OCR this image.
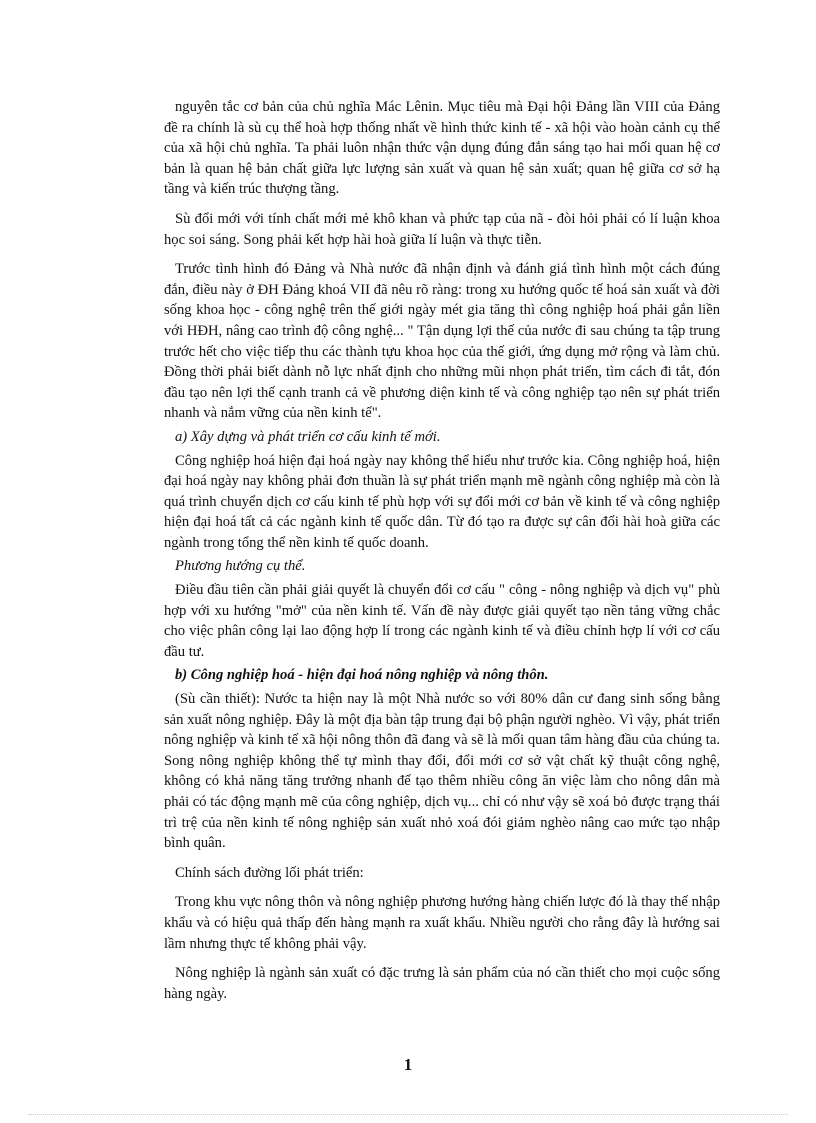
nguyên tắc cơ bản của chủ nghĩa Mác Lênin. Mục tiêu mà Đại hội Đảng lần VIII của Đảng đề ra chính là sù cụ thể hoà hợp thống nhất về hình thức kinh tế - xã hội vào hoàn cảnh cụ thể của xã hội chủ nghĩa. Ta phải luôn nhận thức vận dụng đúng đắn sáng tạo hai mối quan hệ cơ bản là quan hệ bản chất giữa lực lượng sản xuất và quan hệ sản xuất; quan hệ giữa cơ sở hạ tầng và kiến trúc thượng tầng.

Sù đổi mới với tính chất mới mẻ khô khan và phức tạp của nã - đòi hỏi phải có lí luận khoa học soi sáng. Song phải kết hợp hài hoà giữa lí luận và thực tiễn.

Trước tình hình đó Đảng và Nhà nước đã nhận định và đánh giá tình hình một cách đúng đắn, điều này ở ĐH Đảng khoá VII đã nêu rõ ràng: trong xu hướng quốc tế hoá sản xuất và đời sống khoa học - công nghệ trên thế giới ngày mét gia tăng thì công nghiệp hoá phải gắn liền với HĐH, nâng cao trình độ công nghệ... " Tận dụng lợi thế của nước đi sau chúng ta tập trung trước hết cho việc tiếp thu các thành tựu khoa học của thế giới, ứng dụng mở rộng và làm chủ. Đồng thời phải biết dành nỗ lực nhất định cho những mũi nhọn phát triển, tìm cách đi tắt, đón đầu tạo nên lợi thế cạnh tranh cả về phương diện kinh tế và công nghiệp tạo nên sự phát triển nhanh và nắm vững của nền kinh tế".

a) Xây dựng và phát triển cơ cấu kinh tế mới.

Công nghiệp hoá hiện đại hoá ngày nay không thể hiểu như trước kia. Công nghiệp hoá, hiện đại hoá ngày nay không phải đơn thuần là sự phát triển mạnh mẽ ngành công nghiệp mà còn là quá trình chuyển dịch cơ cấu kinh tế phù hợp với sự đổi mới cơ bản về kinh tế và công nghiệp hiện đại hoá tất cả các ngành kinh tế quốc dân. Từ đó tạo ra được sự cân đối hài hoà giữa các ngành trong tổng thể nền kinh tế quốc doanh.

Phương hướng cụ thể.

Điều đầu tiên cần phải giải quyết là chuyển đổi cơ cấu " công - nông nghiệp và dịch vụ" phù hợp với xu hướng "mở" của nền kinh tế. Vấn đề này được giải quyết tạo nền tảng vững chắc cho việc phân công lại lao động hợp lí trong các ngành kinh tế và điều chỉnh hợp lí với cơ cấu đầu tư.

b) Công nghiệp hoá - hiện đại hoá nông nghiệp và nông thôn.

(Sù cần thiết): Nước ta hiện nay là một Nhà nước so với 80% dân cư đang sinh sống bằng sản xuất nông nghiệp. Đây là một địa bàn tập trung đại bộ phận người nghèo. Vì vậy, phát triển nông nghiệp và kinh tế xã hội nông thôn đã đang và sẽ là mối quan tâm hàng đầu của chúng ta. Song nông nghiệp không thể tự mình thay đổi, đổi mới cơ sở vật chất kỹ thuật công nghệ, không có khả năng tăng trưởng nhanh để tạo thêm nhiều công ăn việc làm cho nông dân mà phải có tác động mạnh mẽ của công nghiệp, dịch vụ... chỉ có như vậy sẽ xoá bỏ được trạng thái trì trệ của nền kinh tế nông nghiệp sản xuất nhỏ xoá đói giảm nghèo nâng cao mức tạo nhập bình quân.

Chính sách đường lối phát triển:

Trong khu vực nông thôn và nông nghiệp phương hướng hàng chiến lược đó là thay thế nhập khẩu và có hiệu quả thấp đến hàng mạnh ra xuất khẩu. Nhiều người cho rằng đây là hướng sai lầm nhưng thực tế không phải vậy.

Nông nghiệp là ngành sản xuất có đặc trưng là sản phẩm của nó cần thiết cho mọi cuộc sống hàng ngày.

1
